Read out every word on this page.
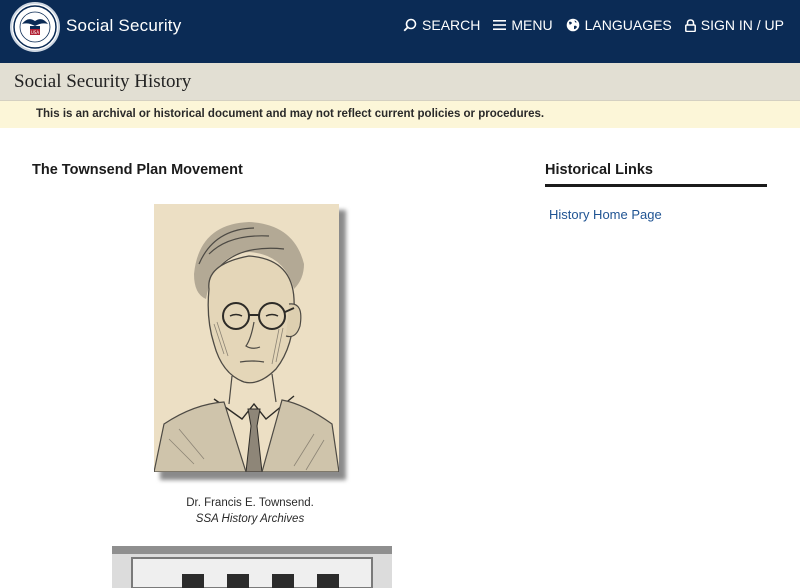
USA Social Security	SEARCH MENU LANGUAGES SIGN IN / UP
Social Security History
This is an archival or historical document and may not reflect current policies or procedures.
The Townsend Plan Movement
Dr. Francis E. Townsend.
SSA History Archives
Historical Links
History Home Page
